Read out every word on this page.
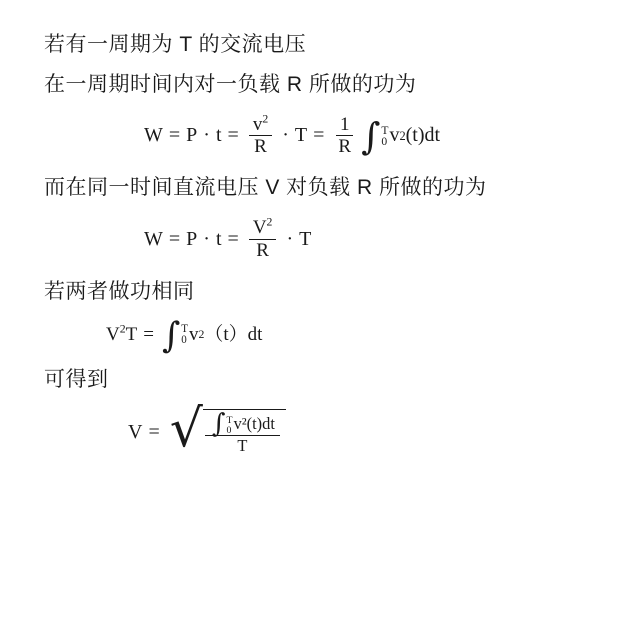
若有一周期为 T 的交流电压
在一周期时间内对一负载 R 所做的功为
$W = P \cdot t = \frac{v^2}{R} \cdot T = \frac{1}{R}$ ∫ T
0 v 2 (t)dt
而在同一时间直流电压 V 对负载 R 所做的功为
$W = P \cdot t = \frac{V^2}{R} \cdot T$
若两者做功相同
$V^2T$ = ∫ T
0 v 2 （t） dt
可得到
V = √ ∫ T
0 v²(t)dt
T
